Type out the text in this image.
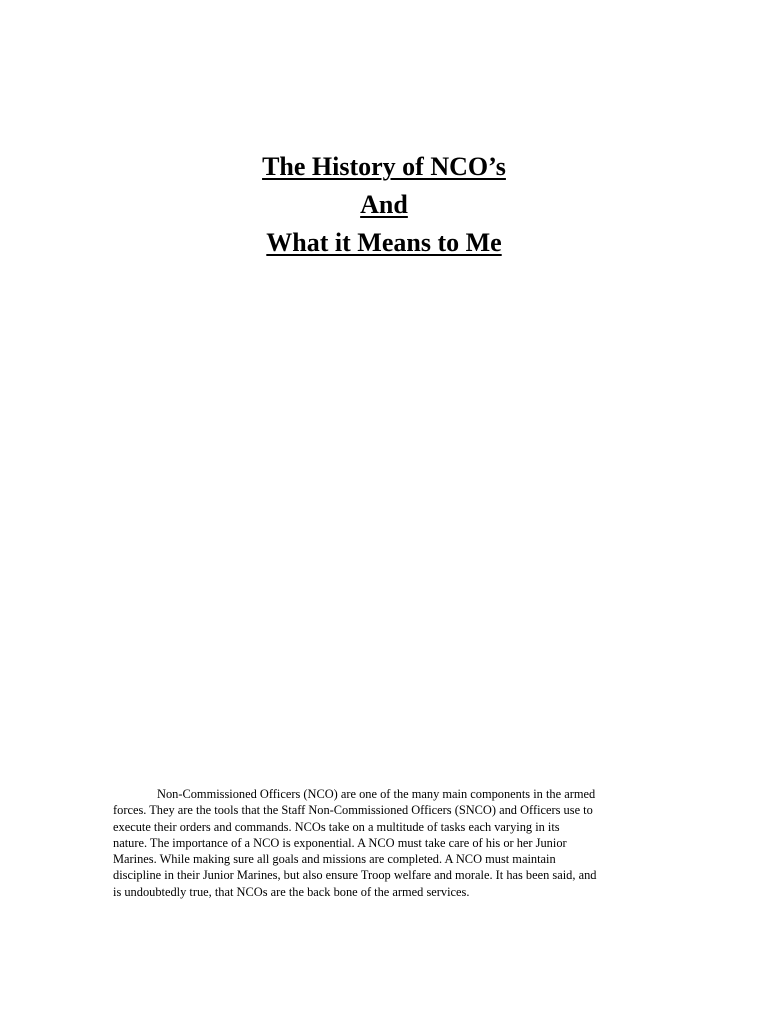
The History of NCO’s
And
What it Means to Me
Non-Commissioned Officers (NCO) are one of the many main components in the armed
forces. They are the tools that the Staff Non-Commissioned Officers (SNCO) and Officers use to
execute their orders and commands. NCOs take on a multitude of tasks each varying in its
nature. The importance of a NCO is exponential. A NCO must take care of his or her Junior
Marines. While making sure all goals and missions are completed. A NCO must maintain
discipline in their Junior Marines, but also ensure Troop welfare and morale. It has been said, and
is undoubtedly true, that NCOs are the back bone of the armed services.
